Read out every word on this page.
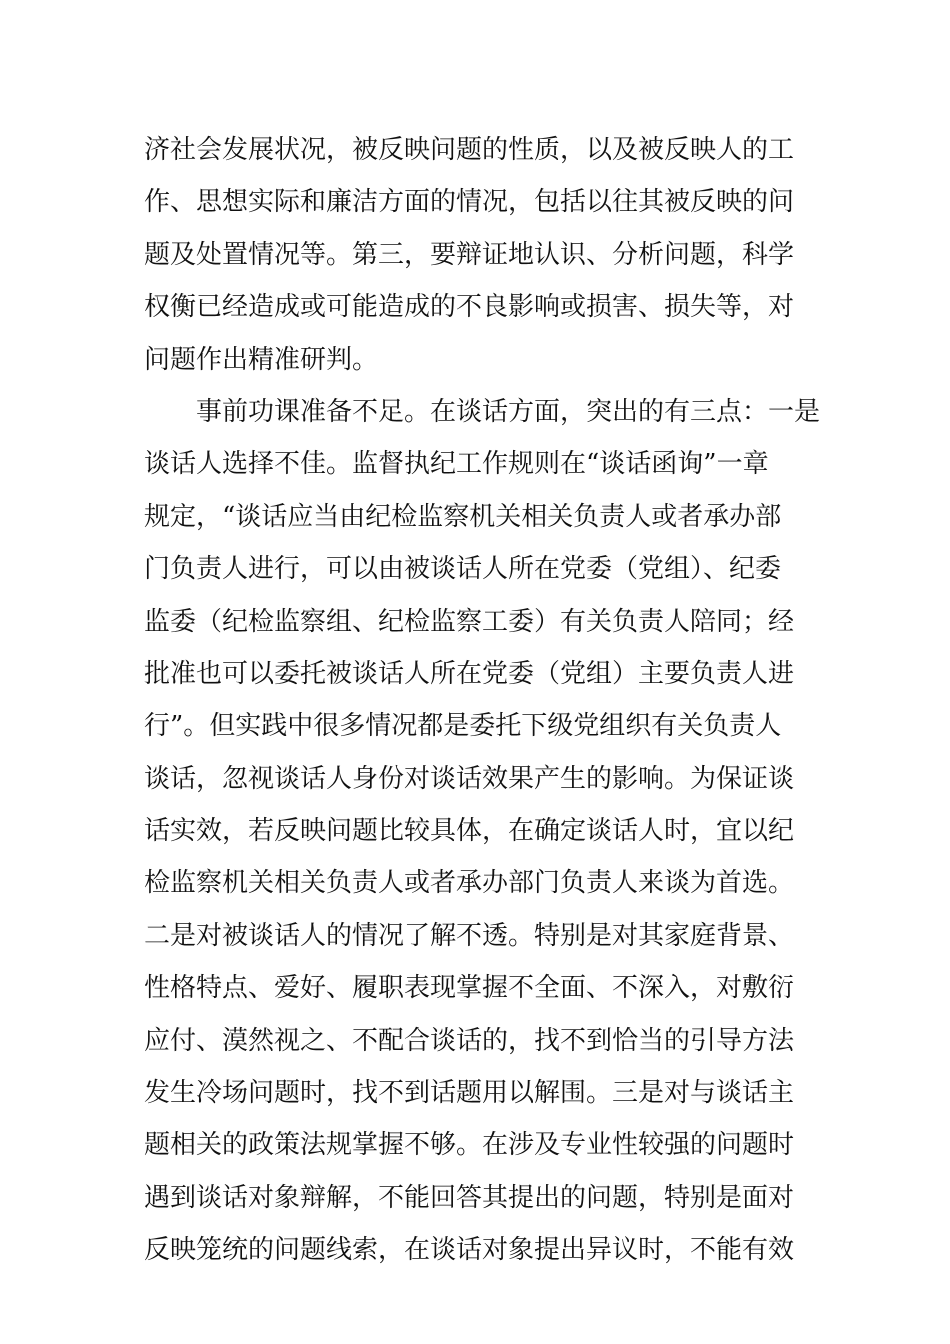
济社会发展状况，被反映问题的性质，以及被反映人的工
作、思想实际和廉洁方面的情况，包括以往其被反映的问
题及处置情况等。第三，要辩证地认识、分析问题，科学
权衡已经造成或可能造成的不良影响或损害、损失等，对
问题作出精准研判。
　　事前功课准备不足。在谈话方面，突出的有三点：一是
谈话人选择不佳。监督执纪工作规则在“谈话函询”一章
规定，“谈话应当由纪检监察机关相关负责人或者承办部
门负责人进行，可以由被谈话人所在党委（党组）、纪委
监委（纪检监察组、纪检监察工委）有关负责人陪同；经
批准也可以委托被谈话人所在党委（党组）主要负责人进
行”。但实践中很多情况都是委托下级党组织有关负责人
谈话，忽视谈话人身份对谈话效果产生的影响。为保证谈
话实效，若反映问题比较具体，在确定谈话人时，宜以纪
检监察机关相关负责人或者承办部门负责人来谈为首选。
二是对被谈话人的情况了解不透。特别是对其家庭背景、
性格特点、爱好、履职表现掌握不全面、不深入，对敷衍
应付、漠然视之、不配合谈话的，找不到恰当的引导方法
发生冷场问题时，找不到话题用以解围。三是对与谈话主
题相关的政策法规掌握不够。在涉及专业性较强的问题时
遇到谈话对象辩解，不能回答其提出的问题，特别是面对
反映笼统的问题线索，在谈话对象提出异议时，不能有效
